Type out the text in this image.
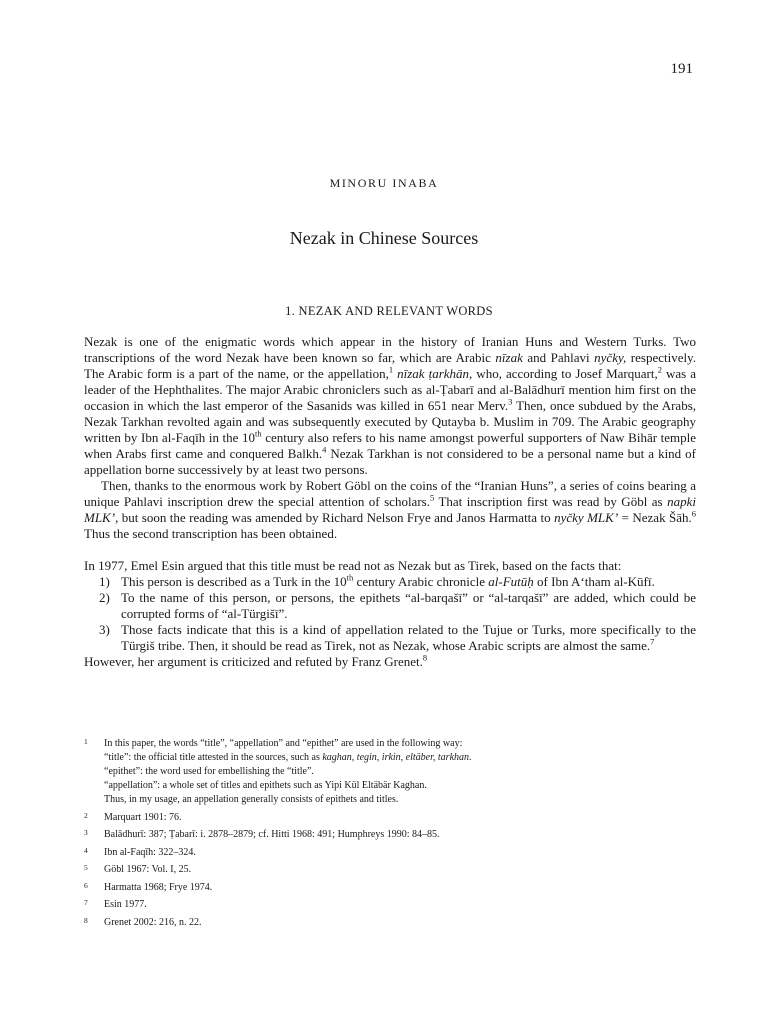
191
MINORU INABA
Nezak in Chinese Sources
1. NEZAK AND RELEVANT WORDS

Nezak is one of the enigmatic words which appear in the history of Iranian Huns and Western Turks. Two transcriptions of the word Nezak have been known so far, which are Arabic nīzak and Pahlavi nyčky, respectively. The Arabic form is a part of the name, or the appellation,$^1$ nīzak ṭarkhān, who, according to Josef Marquart,$^2$ was a leader of the Hephthalites. The major Arabic chroniclers such as al-Ṭabarī and al-Balādhurī mention him first on the occasion in which the last emperor of the Sasanids was killed in 651 near Merv.$^3$ Then, once subdued by the Arabs, Nezak Tarkhan revolted again and was subsequently executed by Qutayba b. Muslim in 709. The Arabic geography written by Ibn al-Faqīh in the 10th century also refers to his name amongst powerful supporters of Naw Bihār temple when Arabs first came and conquered Balkh.$^4$ Nezak Tarkhan is not considered to be a personal name but a kind of appellation borne successively by at least two persons.

Then, thanks to the enormous work by Robert Göbl on the coins of the “Iranian Huns”, a series of coins bearing a unique Pahlavi inscription drew the special attention of scholars.$^5$ That inscription first was read by Göbl as napki MLK’, but soon the reading was amended by Richard Nelson Frye and Janos Harmatta to nyčky MLK’ = Nezak Šāh.$^6$ Thus the second transcription has been obtained.

In 1977, Emel Esin argued that this title must be read not as Nezak but as Tirek, based on the facts that:

1) This person is described as a Turk in the 10th century Arabic chronicle al-Futūḥ of Ibn A‘tham al-Kūfī.
2) To the name of this person, or persons, the epithets “al-barqašī” or “al-tarqašī” are added, which could be corrupted forms of “al-Türgišī”.
3) Those facts indicate that this is a kind of appellation related to the Tujue or Turks, more specifically to the Türgiš tribe. Then, it should be read as Tirek, not as Nezak, whose Arabic scripts are almost the same.$^7$

However, her argument is criticized and refuted by Franz Grenet.$^8$

1 In this paper, the words “title”, “appellation” and “epithet” are used in the following way:
“title”: the official title attested in the sources, such as kaghan, tegin, irkin, eltäber, tarkhan.
“epithet”: the word used for embellishing the “title”.
“appellation”: a whole set of titles and epithets such as Yipi Kül Eltäbär Kaghan.
Thus, in my usage, an appellation generally consists of epithets and titles.
2 Marquart 1901: 76.
3 Balādhurī: 387; Ṭabarī: i. 2878–2879; cf. Hitti 1968: 491; Humphreys 1990: 84–85.
4 Ibn al-Faqīh: 322–324.
5 Göbl 1967: Vol. I, 25.
6 Harmatta 1968; Frye 1974.
7 Esin 1977.
8 Grenet 2002: 216, n. 22.
